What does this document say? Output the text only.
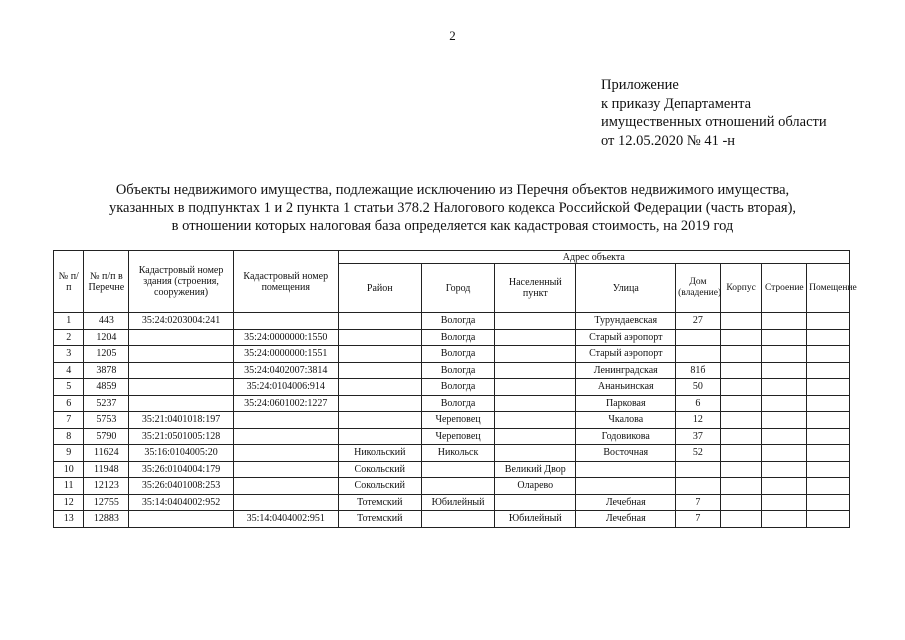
2
Приложение
к приказу Департамента
имущественных отношений области
от 12.05.2020 № 41 -н
Объекты недвижимого имущества, подлежащие исключению из Перечня объектов недвижимого имущества,
указанных в подпунктах 1 и 2 пункта 1 статьи 378.2 Налогового кодекса Российской Федерации (часть вторая),
в отношении которых налоговая база определяется как кадастровая стоимость, на 2019 год
№ п/п	№ п/п в Перечне	Кадастровый номер здания (строения, сооружения)	Кадастровый номер помещения	Адрес объекта							
				Район	Город	Населенный пункт	Улица	Дом (владение)	Корпус	Строение	Помещение
1	443	35:24:0203004:241			Вологда		Турундаевская	27			
2	1204		35:24:0000000:1550		Вологда		Старый аэропорт				
3	1205		35:24:0000000:1551		Вологда		Старый аэропорт				
4	3878		35:24:0402007:3814		Вологда		Ленинградская	81б			
5	4859		35:24:0104006:914		Вологда		Ананьинская	50			
6	5237		35:24:0601002:1227		Вологда		Парковая	6			
7	5753	35:21:0401018:197			Череповец		Чкалова	12			
8	5790	35:21:0501005:128			Череповец		Годовикова	37			
9	11624	35:16:0104005:20		Никольский	Никольск		Восточная	52			
10	11948	35:26:0104004:179		Сокольский		Великий Двор					
11	12123	35:26:0401008:253		Сокольский		Оларево					
12	12755	35:14:0404002:952		Тотемский	Юбилейный		Лечебная	7			
13	12883		35:14:0404002:951	Тотемский		Юбилейный	Лечебная	7			
